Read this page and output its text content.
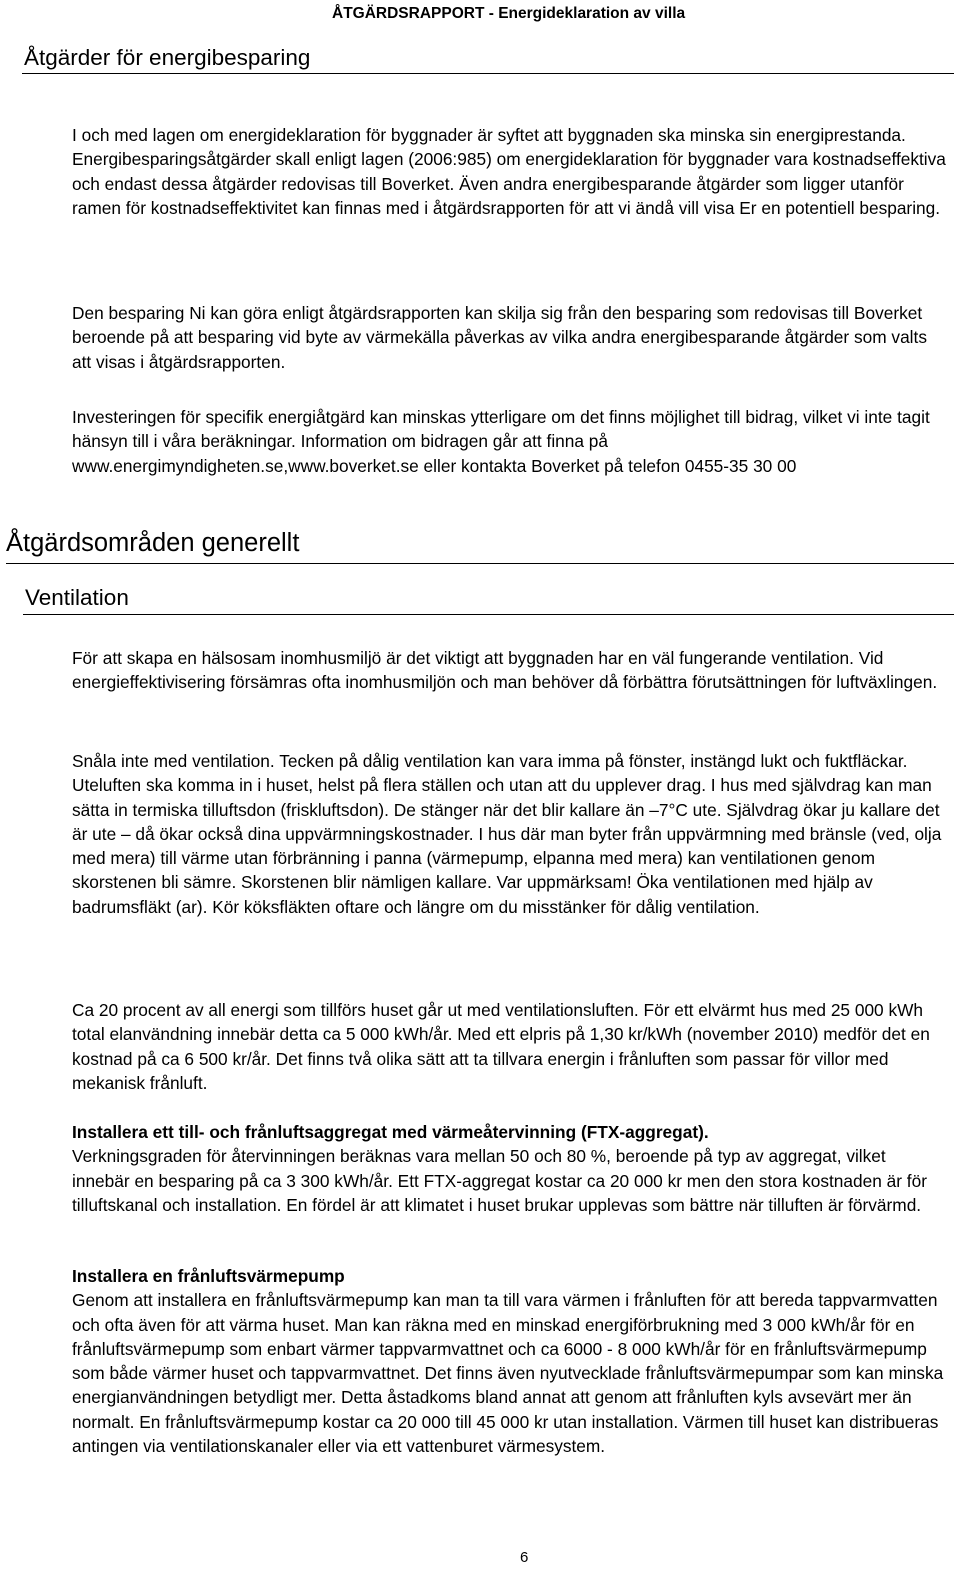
ÅTGÄRDSRAPPORT - Energideklaration av villa
Åtgärder för energibesparing

I och med lagen om energideklaration för byggnader är syftet att byggnaden ska minska sin energiprestanda. Energibesparingsåtgärder skall enligt lagen (2006:985) om energideklaration för byggnader vara kostnadseffektiva och endast dessa åtgärder redovisas till Boverket. Även andra energibesparande åtgärder som ligger utanför ramen för kostnadseffektivitet kan finnas med i åtgärdsrapporten för att vi ändå vill visa Er en potentiell besparing.

Den besparing Ni kan göra enligt åtgärdsrapporten kan skilja sig från den besparing som redovisas till Boverket beroende på att besparing vid byte av värmekälla påverkas av vilka andra energibesparande åtgärder som valts att visas i åtgärdsrapporten.

Investeringen för specifik energiåtgärd kan minskas ytterligare om det finns möjlighet till bidrag, vilket vi inte tagit hänsyn till i våra beräkningar. Information om bidragen går att finna på www.energimyndigheten.se,www.boverket.se eller kontakta Boverket på telefon 0455-35 30 00

Åtgärdsområden generellt
Ventilation

För att skapa en hälsosam inomhusmiljö är det viktigt att byggnaden har en väl fungerande ventilation. Vid energieffektivisering försämras ofta inomhusmiljön och man behöver då förbättra förutsättningen för luftväxlingen.

Snåla inte med ventilation. Tecken på dålig ventilation kan vara imma på fönster, instängd lukt och fuktfläckar. Uteluften ska komma in i huset, helst på flera ställen och utan att du upplever drag. I hus med självdrag kan man sätta in termiska tilluftsdon (friskluftsdon). De stänger när det blir kallare än –7°C ute. Självdrag ökar ju kallare det är ute – då ökar också dina uppvärmningskostnader. I hus där man byter från uppvärmning med bränsle (ved, olja med mera) till värme utan förbränning i panna (värmepump, elpanna med mera) kan ventilationen genom skorstenen bli sämre. Skorstenen blir nämligen kallare. Var uppmärksam! Öka ventilationen med hjälp av badrumsfläkt (ar). Kör köksfläkten oftare och längre om du misstänker för dålig ventilation.

Ca 20 procent av all energi som tillförs huset går ut med ventilationsluften. För ett elvärmt hus med 25 000 kWh total elanvändning innebär detta ca 5 000 kWh/år. Med ett elpris på 1,30 kr/kWh (november 2010) medför det en kostnad på ca 6 500 kr/år. Det finns två olika sätt att ta tillvara energin i frånluften som passar för villor med mekanisk frånluft.

Installera ett till- och frånluftsaggregat med värmeåtervinning (FTX-aggregat).
Verkningsgraden för återvinningen beräknas vara mellan 50 och 80 %, beroende på typ av aggregat, vilket innebär en besparing på ca 3 300 kWh/år. Ett FTX-aggregat kostar ca 20 000 kr men den stora kostnaden är för tilluftskanal och installation. En fördel är att klimatet i huset brukar upplevas som bättre när tilluften är förvärmd.
Installera en frånluftsvärmepump
Genom att installera en frånluftsvärmepump kan man ta till vara värmen i frånluften för att bereda tappvarmvatten och ofta även för att värma huset. Man kan räkna med en minskad energiförbrukning med 3 000 kWh/år för en frånluftsvärmepump som enbart värmer tappvarmvattnet och ca 6000 - 8 000 kWh/år för en frånluftsvärmepump som både värmer huset och tappvarmvattnet. Det finns även nyutvecklade frånluftsvärmepumpar som kan minska energianvändningen betydligt mer. Detta åstadkoms bland annat att genom att frånluften kyls avsevärt mer än normalt. En frånluftsvärmepump kostar ca 20 000 till 45 000 kr utan installation. Värmen till huset kan distribueras antingen via ventilationskanaler eller via ett vattenburet värmesystem.
6
